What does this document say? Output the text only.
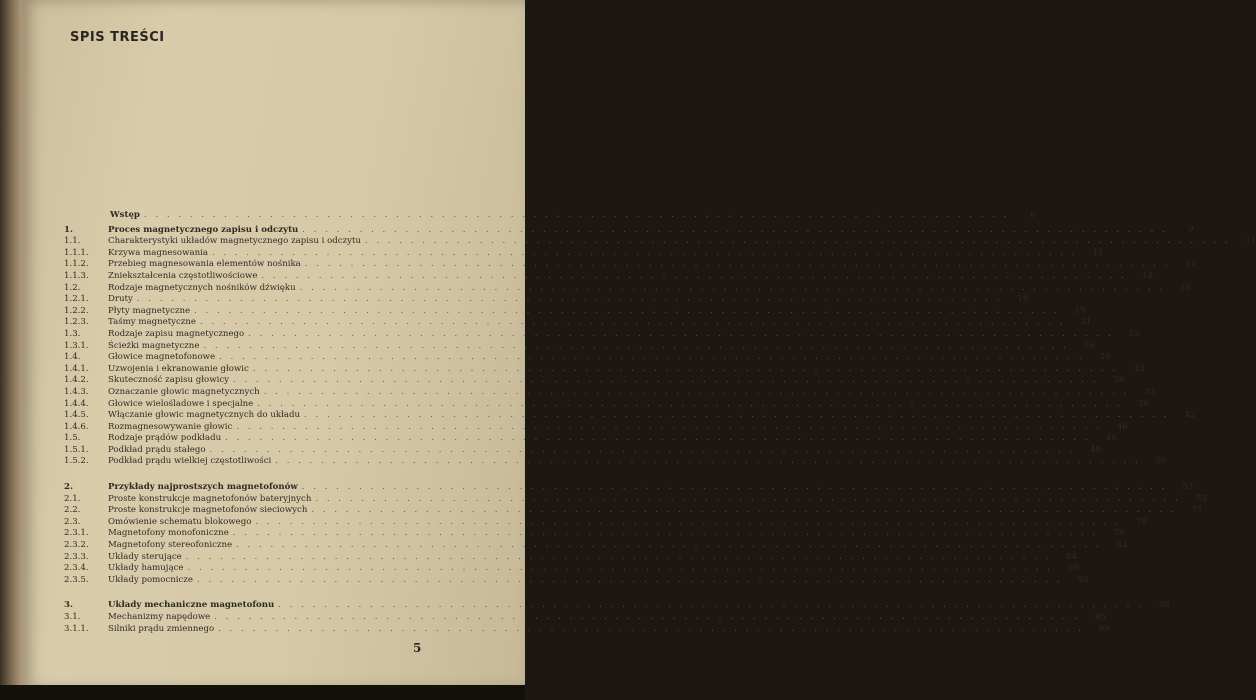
SPIS TREŚCI
Wstęp . . .	8
1.	Proces magnetycznego zapisu i odczytu . . .	9
1.1.	Charakterystyki układów magnetycznego zapisu i odczytu . . .	11
1.1.1.	Krzywa magnesowania . . .	11
1.1.2.	Przebieg magnesowania elementów nośnika . . .	12
1.1.3.	Zniekształcenia częstotliwościowe . . .	14
1.2.	Rodzaje magnetycznych nośników dźwięku . . .	18
1.2.1.	Druty . . .	19
1.2.2.	Płyty magnetyczne . . .	19
1.2.3.	Taśmy magnetyczne . . .	21
1.3.	Rodzaje zapisu magnetycznego . . .	25
1.3.1.	Ścieżki magnetyczne . . .	26
1.4.	Głowice magnetofonowe . . .	29
1.4.1.	Uzwojenia i ekranowanie głowic . . .	33
1.4.2.	Skuteczność zapisu głowicy . . .	36
1.4.3.	Oznaczanie głowic magnetycznych . . .	33
1.4.4.	Głowice wielośladowe i specjalne . . .	38
1.4.5.	Włączanie głowic magnetycznych do układu . . .	42
1.4.6.	Rozmagnesowywanie głowic . . .	46
1.5.	Rodzaje prądów podkładu . . .	46
1.5.1.	Podkład prądu stałego . . .	48
1.5.2.	Podkład prądu wielkiej częstotliwości . . .	50
2.	Przykłady najprostszych magnetofonów . . .	53
2.1.	Proste konstrukcje magnetofonów bateryjnych . . .	55
2.2.	Proste konstrukcje magnetofonów sieciowych . . .	71
2.3.	Omówienie schematu blokowego . . .	78
2.3.1.	Magnetofony monofoniczne . . .	78
2.3.2.	Magnetofony stereofoniczne . . .	82
2.3.3.	Układy sterujące . . .	84
2.3.4.	Układy hamujące . . .	89
2.3.5.	Układy pomocnicze . . .	92
3.	Układy mechaniczne magnetofonu . . .	95
3.1.	Mechanizmy napędowe . . .	95
3.1.1.	Silniki prądu zmiennego . . .	99
5
